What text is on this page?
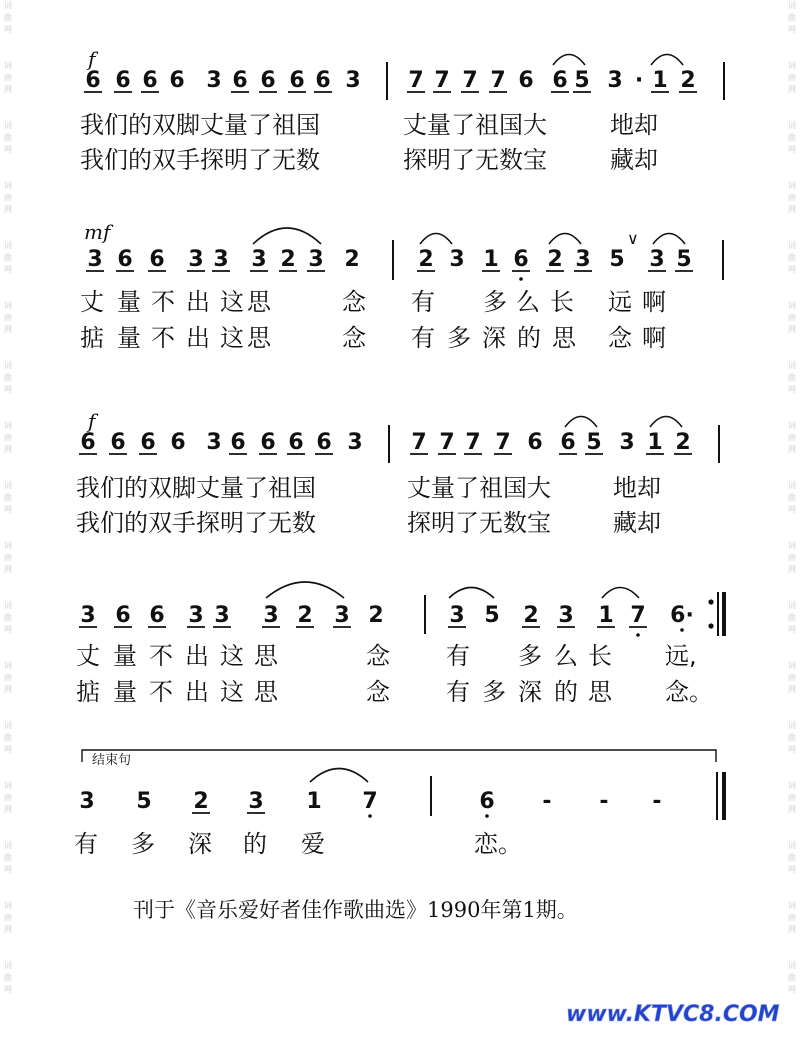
词
曲
网
词
曲
网
词
曲
网
词
曲
网
词
曲
网
词
曲
网
词
曲
网
词
曲
网
词
曲
网
词
曲
网
词
曲
网
词
曲
网
词
曲
网
词
曲
网
词
曲
网
词
曲
网
词
曲
网
词
曲
网
词
曲
网
词
曲
网
词
曲
网
词
曲
网
词
曲
网
词
曲
网
词
曲
网
词
曲
网
词
曲
网
词
曲
网
词
曲
网
词
曲
网
词
曲
网
词
曲
网
词
曲
网
词
曲
网
f
6 6 6 6 3 6 6 6 6 3 7 7 7 7 6 6 5 3 · 1 2
我们的双脚丈量了祖国	丈量了祖国大	地却
我们的双手探明了无数	探明了无数宝	藏却
mf
3 6 6 3 3 3 2 3 2	2 3 1 6 2 3 5 3 5
∨
丈 量 不 出 这 思	念 有 多 么 长 远 啊
掂 量 不 出 这 思	念 有 多 深 的 思 念 啊
f
6 6 6 6 3 6 6 6 6 3 7 7 7 7 6 6 5 3 1 2
我们的双脚丈量了祖国	丈量了祖国大	地却
我们的双手探明了无数	探明了无数宝	藏却
3 6 6 3 3 3 2 3 2	3 5 2 3 1 7 6·
丈 量 不 出 这 思	念 有 多 么 长 远,
掂 量 不 出 这 思	念 有 多 深 的 思 念。
结束句
3 5 2 3 1 7	6 - - -
有 多 深 的 爱	恋。
刊于《音乐爱好者佳作歌曲选》1990年第1期。
www.KTVC8.COM
